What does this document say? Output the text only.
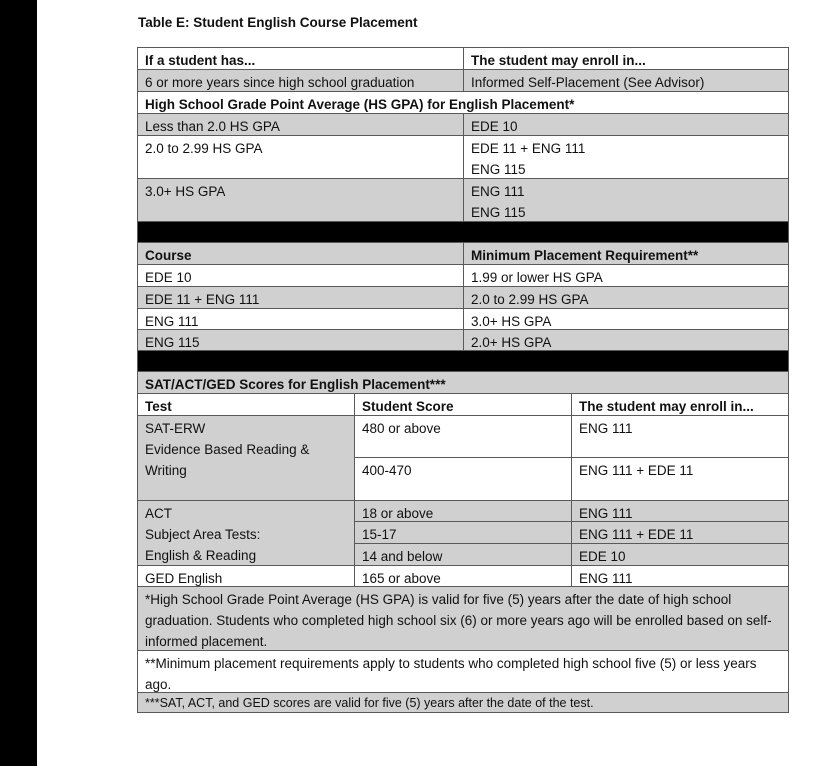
Table E: Student English Course Placement
If a student has...	The student may enroll in...
6 or more years since high school graduation	Informed Self-Placement (See Advisor)
High School Grade Point Average (HS GPA) for English Placement*
Less than 2.0 HS GPA	EDE 10
2.0 to 2.99 HS GPA	EDE 11 + ENG 111
ENG 115
3.0+ HS GPA	ENG 111
ENG 115
Course	Minimum Placement Requirement**
EDE 10	1.99 or lower HS GPA
EDE 11 + ENG 111	2.0 to 2.99 HS GPA
ENG 111	3.0+ HS GPA
ENG 115	2.0+ HS GPA
SAT/ACT/GED Scores for English Placement***
Test	Student Score	The student may enroll in...
SAT-ERW
Evidence Based Reading &
Writing
480 or above	ENG 111
400-470	ENG 111 + EDE 11
ACT
Subject Area Tests:
English & Reading
18 or above	ENG 111
15-17	ENG 111 + EDE 11
14 and below	EDE 10
GED English	165 or above	ENG 111
*High School Grade Point Average (HS GPA) is valid for five (5) years after the date of high school graduation. Students who completed high school six (6) or more years ago will be enrolled based on self-informed placement.
**Minimum placement requirements apply to students who completed high school five (5) or less years ago.
***SAT, ACT, and GED scores are valid for five (5) years after the date of the test.
